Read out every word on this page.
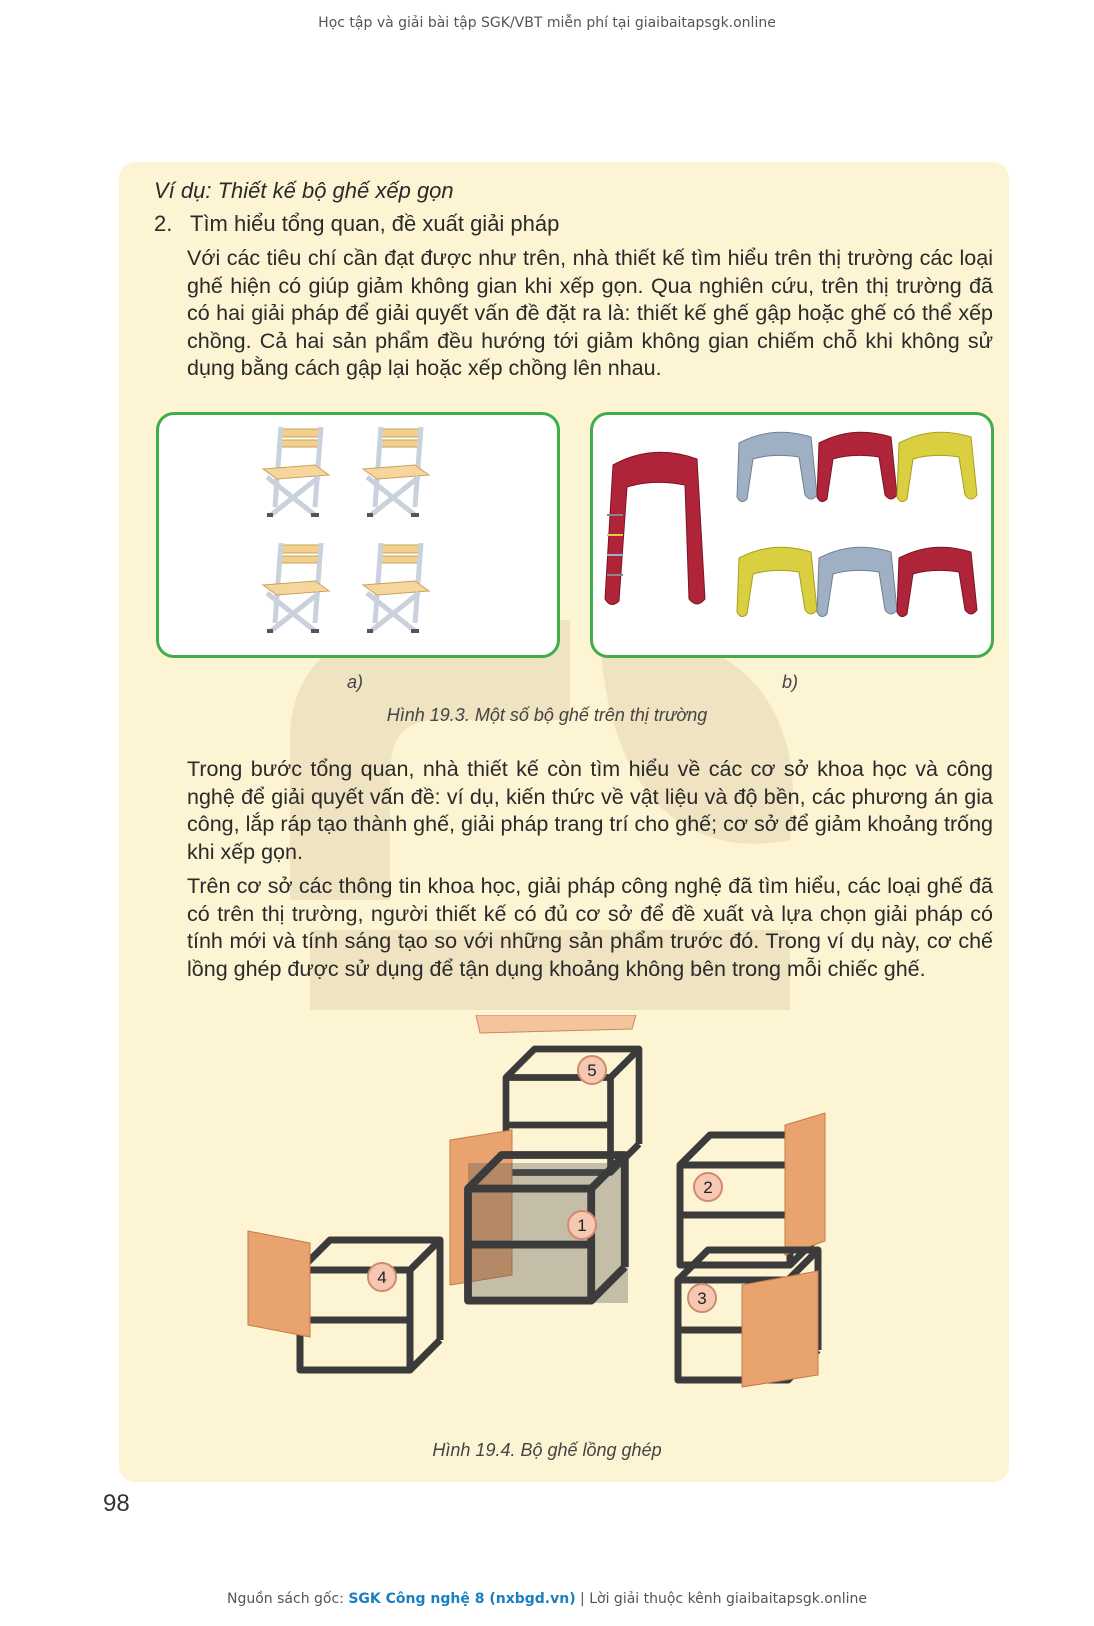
Học tập và giải bài tập SGK/VBT miễn phí tại giaibaitapsgk.online
Ví dụ: Thiết kế bộ ghế xếp gọn
2. Tìm hiểu tổng quan, đề xuất giải pháp
Với các tiêu chí cần đạt được như trên, nhà thiết kế tìm hiểu trên thị trường các loại ghế hiện có giúp giảm không gian khi xếp gọn. Qua nghiên cứu, trên thị trường đã có hai giải pháp để giải quyết vấn đề đặt ra là: thiết kế ghế gập hoặc ghế có thể xếp chồng. Cả hai sản phẩm đều hướng tới giảm không gian chiếm chỗ khi không sử dụng bằng cách gập lại hoặc xếp chồng lên nhau.
a)	b)
Hình 19.3. Một số bộ ghế trên thị trường
Trong bước tổng quan, nhà thiết kế còn tìm hiểu về các cơ sở khoa học và công nghệ để giải quyết vấn đề: ví dụ, kiến thức về vật liệu và độ bền, các phương án gia công, lắp ráp tạo thành ghế, giải pháp trang trí cho ghế; cơ sở để giảm khoảng trống khi xếp gọn.
Trên cơ sở các thông tin khoa học, giải pháp công nghệ đã tìm hiểu, các loại ghế đã có trên thị trường, người thiết kế có đủ cơ sở để đề xuất và lựa chọn giải pháp có tính mới và tính sáng tạo so với những sản phẩm trước đó. Trong ví dụ này, cơ chế lồng ghép được sử dụng để tận dụng khoảng không bên trong mỗi chiếc ghế.
5
1
2
3
4
Hình 19.4. Bộ ghế lồng ghép
98
Nguồn sách gốc: SGK Công nghệ 8 (nxbgd.vn) | Lời giải thuộc kênh giaibaitapsgk.online
